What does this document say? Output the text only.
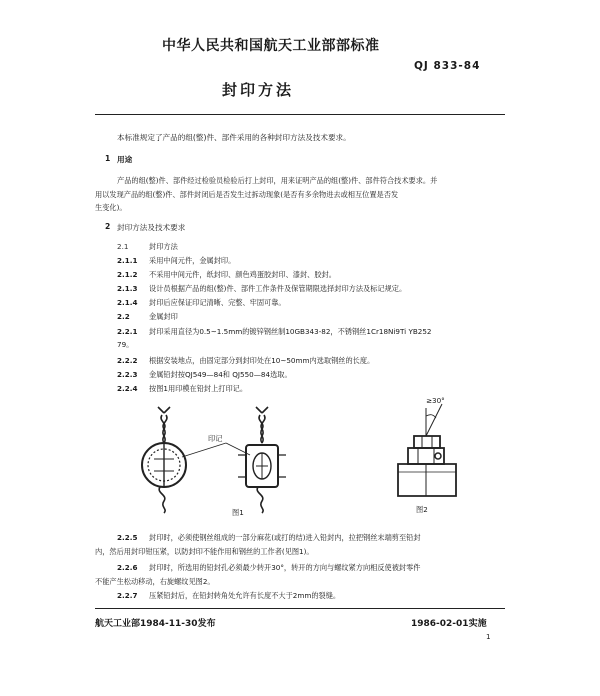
中华人民共和国航天工业部部标准
QJ 833-84
封印方法
本标准规定了产品的组(整)件、部件采用的各种封印方法及技术要求。
1 用途
产品的组(整)件、部件经过检验员检验后打上封印，用来证明产品的组(整)件、部件符合技术要求。并
用以发现产品的组(整)件、部件封闭后是否发生过拆动现象(是否有多余物进去或相互位置是否发
生变化)。
2 封印方法及技术要求
2.1	封印方法
2.1.1 采用中间元件，金属封印。
2.1.2 不采用中间元件，纸封印、颜色鸡蛋胶封印、漆封、胶封。
2.1.3 设计员根据产品的组(整)件、部件工作条件及保管期限选择封印方法及标记规定。
2.1.4 封印后应保证印记清晰、完整、牢固可靠。
2.2	金属封印
2.2.1 封印采用直径为0.5~1.5mm的镀锌钢丝制10GB343-82，不锈钢丝1Cr18Ni9Ti YB252
79。
2.2.2 根据安装地点，由固定部分到封印处在10~50mm内选取钢丝的长度。
2.2.3 金属铅封按QJ549—84和 QJ550—84选取。
2.2.4 按图1用印模在铅封上打印记。
印记
图1
≥30°
图2
2.2.5 封印时，必须使钢丝组成的一部分麻花(或打的结)进入铅封内，拉把钢丝末端剪至铅封
内，然后用封印钳压紧，以防封印不能作用和钢丝的工作者(见图1)。
2.2.6 封印时，所选用的铅封孔必须最少转开30°，转开的方向与螺纹紧方向相反使被封零件
不能产生松动移动，右旋螺纹见图2。
2.2.7 压紧铅封后，在铅封转角处允许有长度不大于2mm的裂缝。
航天工业部1984-11-30发布	1986-02-01实施
1
